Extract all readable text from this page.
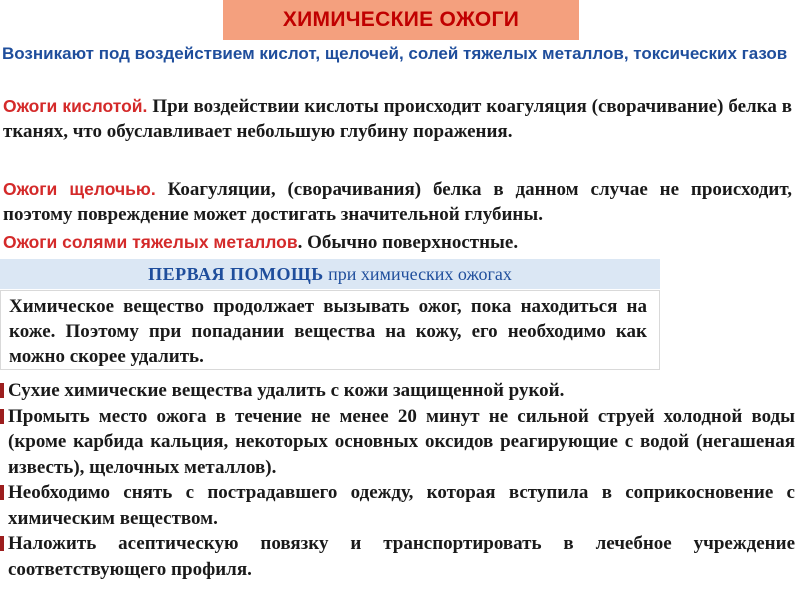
ХИМИЧЕСКИЕ ОЖОГИ
Возникают под воздействием кислот, щелочей, солей тяжелых металлов, токсических газов
Ожоги кислотой. При воздействии кислоты происходит коагуляция (сворачивание) белка в тканях, что обуславливает небольшую глубину поражения.
Ожоги щелочью. Коагуляции, (сворачивания) белка в данном случае не происходит, поэтому повреждение может достигать значительной глубины.
Ожоги солями тяжелых металлов. Обычно поверхностные.
ПЕРВАЯ ПОМОЩЬ при химических ожогах
Химическое вещество продолжает вызывать ожог, пока находиться на коже. Поэтому при попадании вещества на кожу, его необходимо как можно скорее удалить.
Сухие химические вещества удалить с кожи защищенной рукой.
Промыть место ожога в течение не менее 20 минут не сильной струей холодной воды (кроме карбида кальция, некоторых основных оксидов реагирующие с водой (негашеная известь), щелочных металлов).
Необходимо снять с пострадавшего одежду, которая вступила в соприкосновение с химическим веществом.
Наложить асептическую повязку и транспортировать в лечебное учреждение соответствующего профиля.
